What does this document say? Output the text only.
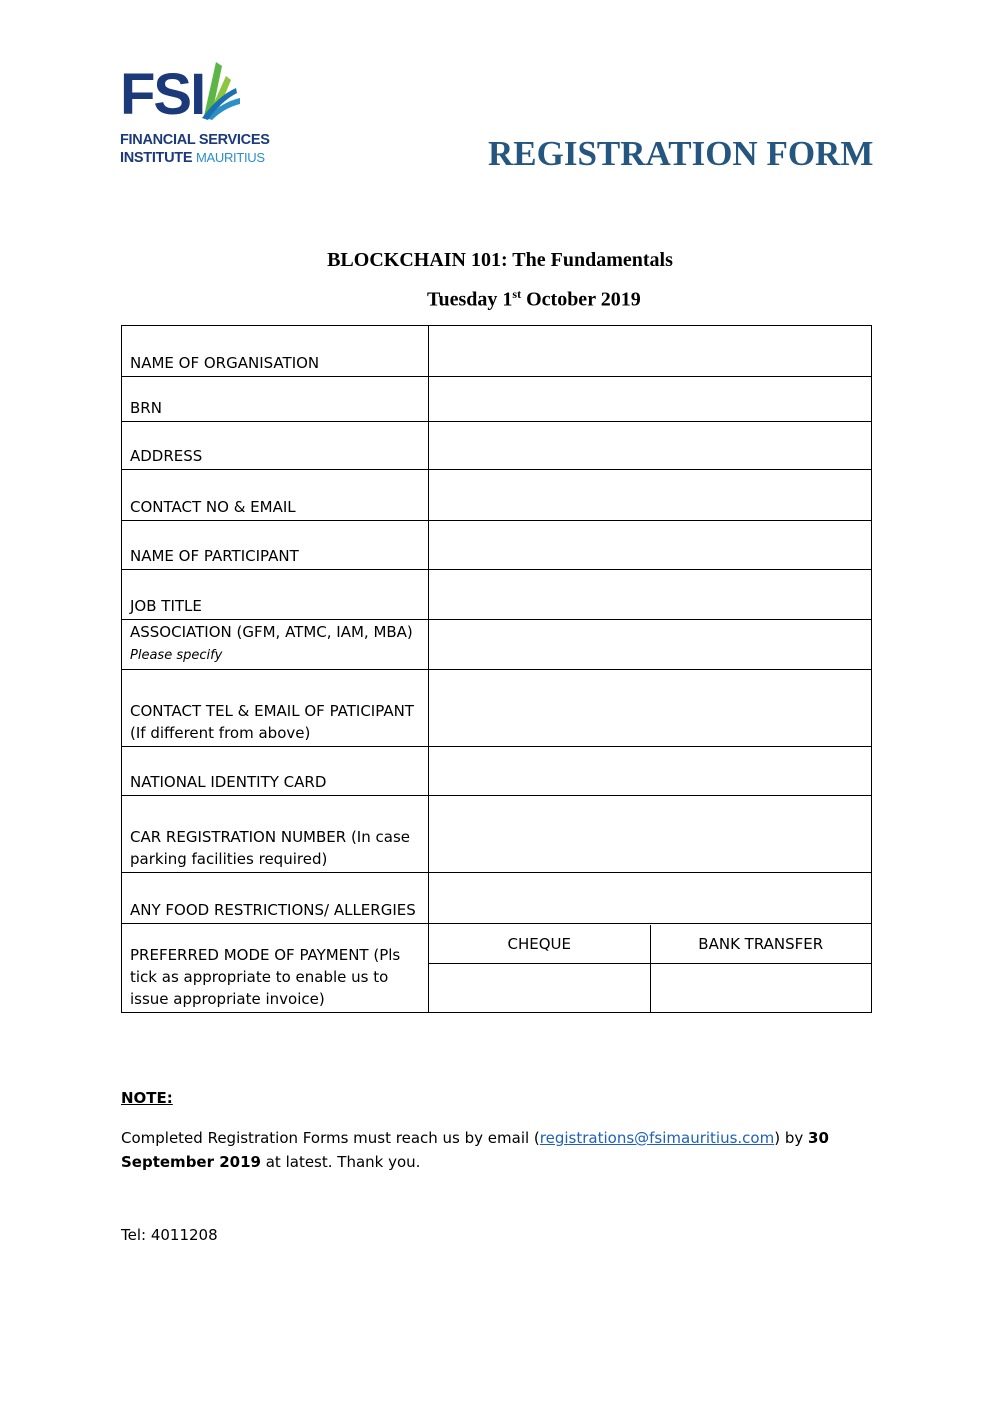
FSI
FINANCIAL SERVICES
INSTITUTE MAURITIUS	REGISTRATION FORM
BLOCKCHAIN 101: The Fundamentals
Tuesday 1st October 2019
NAME OF ORGANISATION	
BRN	
ADDRESS	
CONTACT NO & EMAIL	
NAME OF PARTICIPANT	
JOB TITLE	
ASSOCIATION (GFM, ATMC, IAM, MBA) Please specify	
CONTACT TEL & EMAIL OF PATICIPANT (If different from above)	
NATIONAL IDENTITY CARD	
CAR REGISTRATION NUMBER (In case parking facilities required)	
ANY FOOD RESTRICTIONS/ ALLERGIES	
PREFERRED MODE OF PAYMENT (Pls tick as appropriate to enable us to issue appropriate invoice)	
CHEQUE	BANK TRANSFER

NOTE:
Completed Registration Forms must reach us by email (registrations@fsimauritius.com) by 30 September 2019 at latest. Thank you.
Tel: 4011208
